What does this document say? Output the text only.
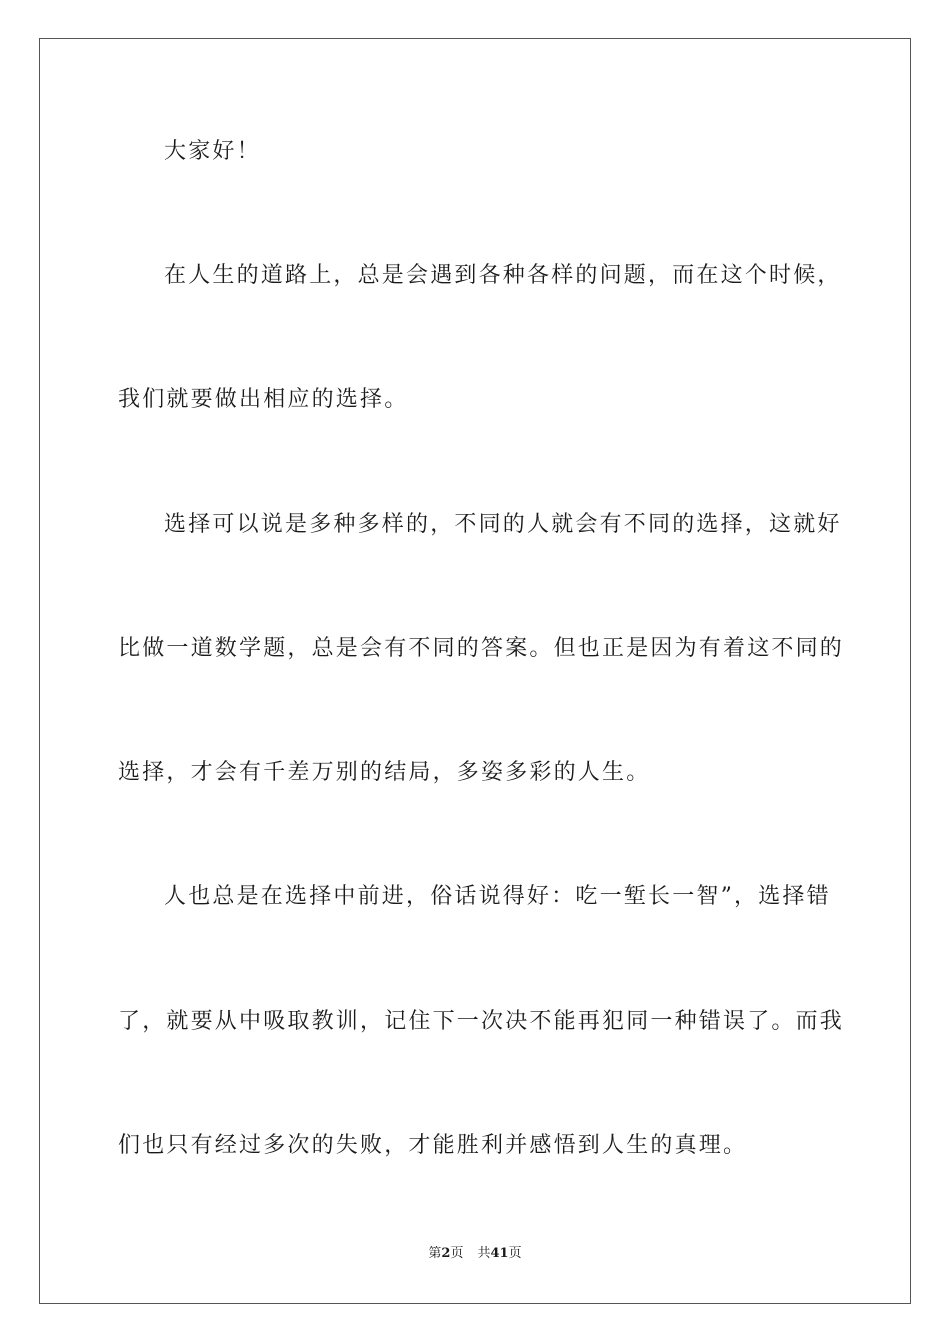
大家好！
在人生的道路上，总是会遇到各种各样的问题，而在这个时候，
我们就要做出相应的选择。
选择可以说是多种多样的，不同的人就会有不同的选择，这就好
比做一道数学题，总是会有不同的答案。但也正是因为有着这不同的
选择，才会有千差万别的结局，多姿多彩的人生。
人也总是在选择中前进，俗话说得好：吃一堑长一智”，选择错
了，就要从中吸取教训，记住下一次决不能再犯同一种错误了。而我
们也只有经过多次的失败，才能胜利并感悟到人生的真理。
第2页 共41页
